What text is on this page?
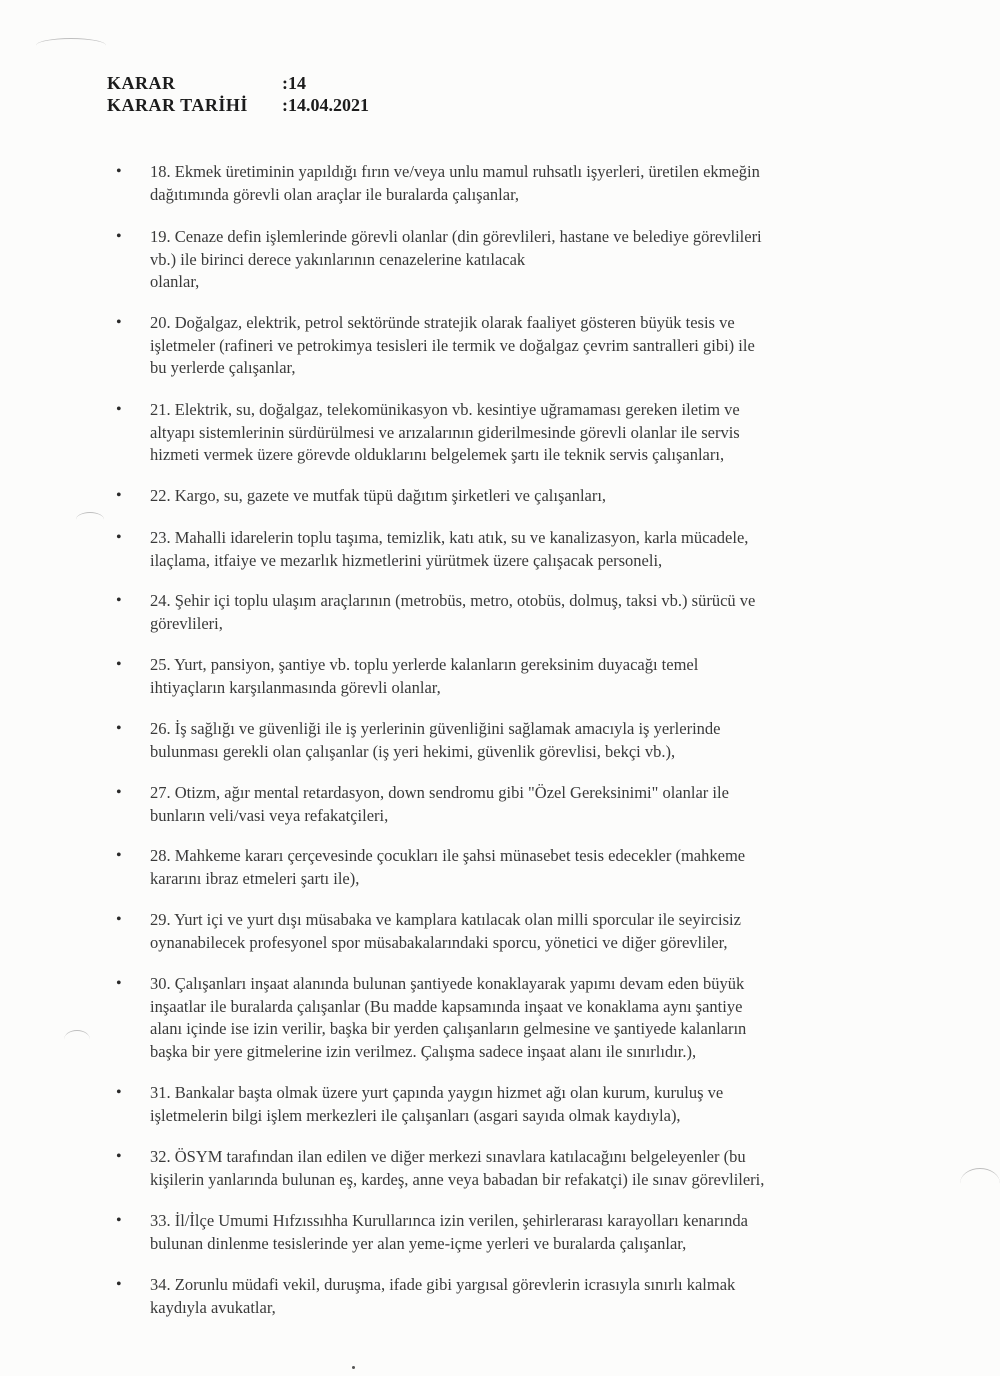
KARAR	:14
KARAR TARİHİ	:14.04.2021
• 18. Ekmek üretiminin yapıldığı fırın ve/veya unlu mamul ruhsatlı işyerleri, üretilen ekmeğin
dağıtımında görevli olan araçlar ile buralarda çalışanlar,
• 19. Cenaze defin işlemlerinde görevli olanlar (din görevlileri, hastane ve belediye görevlileri
vb.) ile birinci derece yakınlarının cenazelerine katılacak
olanlar,
• 20. Doğalgaz, elektrik, petrol sektöründe stratejik olarak faaliyet gösteren büyük tesis ve
işletmeler (rafineri ve petrokimya tesisleri ile termik ve doğalgaz çevrim santralleri gibi) ile
bu yerlerde çalışanlar,
• 21. Elektrik, su, doğalgaz, telekomünikasyon vb. kesintiye uğramaması gereken iletim ve
altyapı sistemlerinin sürdürülmesi ve arızalarının giderilmesinde görevli olanlar ile servis
hizmeti vermek üzere görevde olduklarını belgelemek şartı ile teknik servis çalışanları,
• 22. Kargo, su, gazete ve mutfak tüpü dağıtım şirketleri ve çalışanları,
• 23. Mahalli idarelerin toplu taşıma, temizlik, katı atık, su ve kanalizasyon, karla mücadele,
ilaçlama, itfaiye ve mezarlık hizmetlerini yürütmek üzere çalışacak personeli,
• 24. Şehir içi toplu ulaşım araçlarının (metrobüs, metro, otobüs, dolmuş, taksi vb.) sürücü ve
görevlileri,
• 25. Yurt, pansiyon, şantiye vb. toplu yerlerde kalanların gereksinim duyacağı temel
ihtiyaçların karşılanmasında görevli olanlar,
• 26. İş sağlığı ve güvenliği ile iş yerlerinin güvenliğini sağlamak amacıyla iş yerlerinde
bulunması gerekli olan çalışanlar (iş yeri hekimi, güvenlik görevlisi, bekçi vb.),
• 27. Otizm, ağır mental retardasyon, down sendromu gibi "Özel Gereksinimi" olanlar ile
bunların veli/vasi veya refakatçileri,
• 28. Mahkeme kararı çerçevesinde çocukları ile şahsi münasebet tesis edecekler (mahkeme
kararını ibraz etmeleri şartı ile),
• 29. Yurt içi ve yurt dışı müsabaka ve kamplara katılacak olan milli sporcular ile seyircisiz
oynanabilecek profesyonel spor müsabakalarındaki sporcu, yönetici ve diğer görevliler,
• 30. Çalışanları inşaat alanında bulunan şantiyede konaklayarak yapımı devam eden büyük
inşaatlar ile buralarda çalışanlar (Bu madde kapsamında inşaat ve konaklama aynı şantiye
alanı içinde ise izin verilir, başka bir yerden çalışanların gelmesine ve şantiyede kalanların
başka bir yere gitmelerine izin verilmez. Çalışma sadece inşaat alanı ile sınırlıdır.),
• 31. Bankalar başta olmak üzere yurt çapında yaygın hizmet ağı olan kurum, kuruluş ve
işletmelerin bilgi işlem merkezleri ile çalışanları (asgari sayıda olmak kaydıyla),
• 32. ÖSYM tarafından ilan edilen ve diğer merkezi sınavlara katılacağını belgeleyenler (bu
kişilerin yanlarında bulunan eş, kardeş, anne veya babadan bir refakatçi) ile sınav görevlileri,
• 33. İl/İlçe Umumi Hıfzıssıhha Kurullarınca izin verilen, şehirlerarası karayolları kenarında
bulunan dinlenme tesislerinde yer alan yeme-içme yerleri ve buralarda çalışanlar,
• 34. Zorunlu müdafi vekil, duruşma, ifade gibi yargısal görevlerin icrasıyla sınırlı kalmak
kaydıyla avukatlar,
